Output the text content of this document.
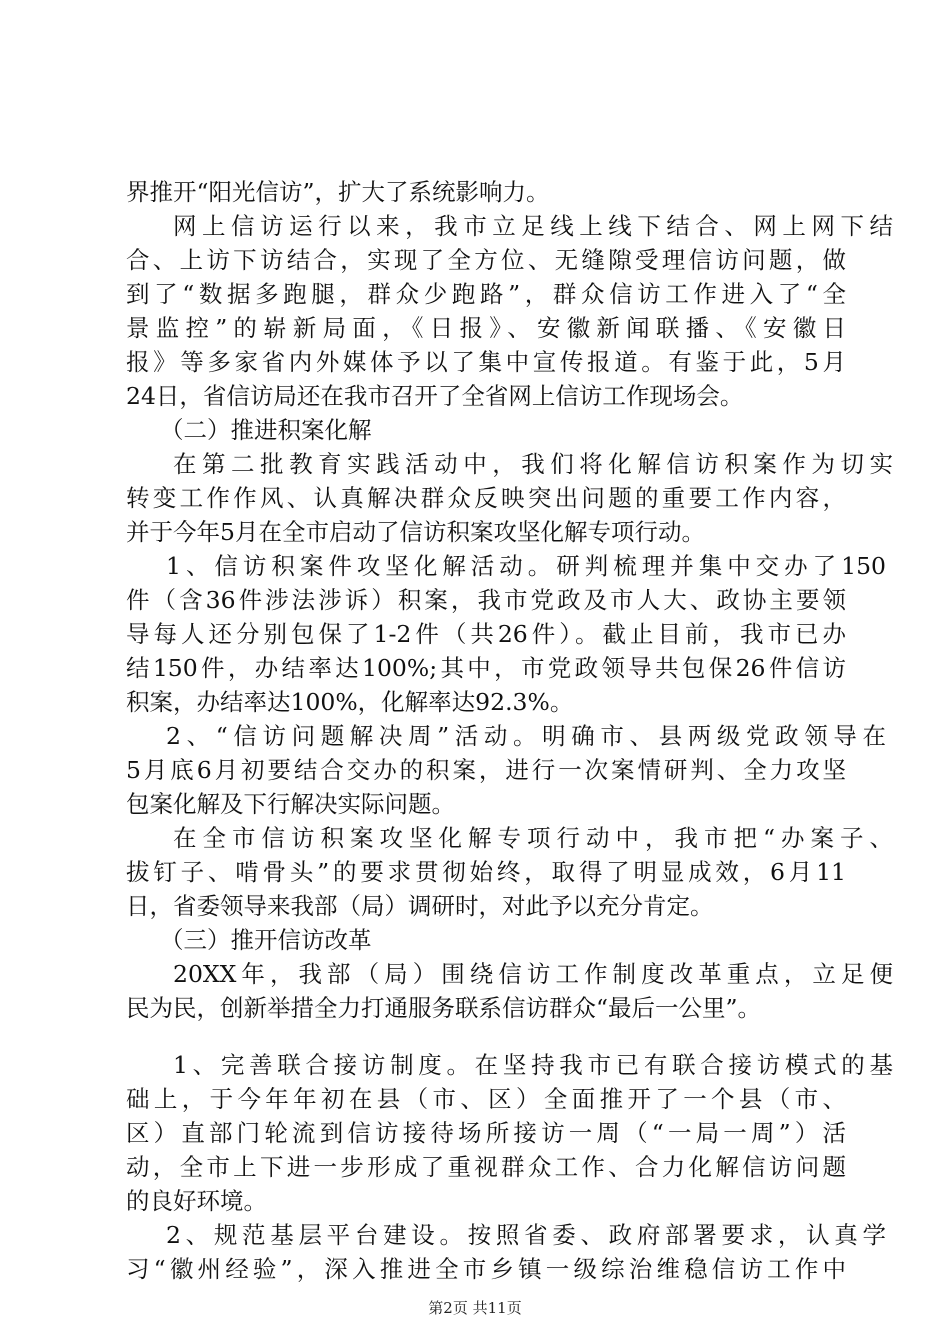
界推开“阳光信访”，扩大了系统影响力。
网上信访运行以来，我市立足线上线下结合、网上网下结
合、上访下访结合，实现了全方位、无缝隙受理信访问题，做
到了“数据多跑腿，群众少跑路”，群众信访工作进入了“全
景监控”的崭新局面，《日报》、安徽新闻联播、《安徽日
报》等多家省内外媒体予以了集中宣传报道。有鉴于此，5月
24日，省信访局还在我市召开了全省网上信访工作现场会。
（二）推进积案化解
在第二批教育实践活动中，我们将化解信访积案作为切实
转变工作作风、认真解决群众反映突出问题的重要工作内容，
并于今年5月在全市启动了信访积案攻坚化解专项行动。
1、信访积案件攻坚化解活动。研判梳理并集中交办了150
件（含36件涉法涉诉）积案，我市党政及市人大、政协主要领
导每人还分别包保了1-2件（共26件）。截止目前，我市已办
结150件，办结率达100%;其中，市党政领导共包保26件信访
积案，办结率达100%，化解率达92.3%。
2、“信访问题解决周”活动。明确市、县两级党政领导在
5月底6月初要结合交办的积案，进行一次案情研判、全力攻坚
包案化解及下行解决实际问题。
在全市信访积案攻坚化解专项行动中，我市把“办案子、
拔钉子、啃骨头”的要求贯彻始终，取得了明显成效，6月11
日，省委领导来我部（局）调研时，对此予以充分肯定。
（三）推开信访改革
20XX年，我部（局）围绕信访工作制度改革重点，立足便
民为民，创新举措全力打通服务联系信访群众“最后一公里”。
1、完善联合接访制度。在坚持我市已有联合接访模式的基
础上，于今年年初在县（市、区）全面推开了一个县（市、
区）直部门轮流到信访接待场所接访一周（“一局一周”）活
动，全市上下进一步形成了重视群众工作、合力化解信访问题
的良好环境。
2、规范基层平台建设。按照省委、政府部署要求，认真学
习“徽州经验”，深入推进全市乡镇一级综治维稳信访工作中
第2页 共11页
